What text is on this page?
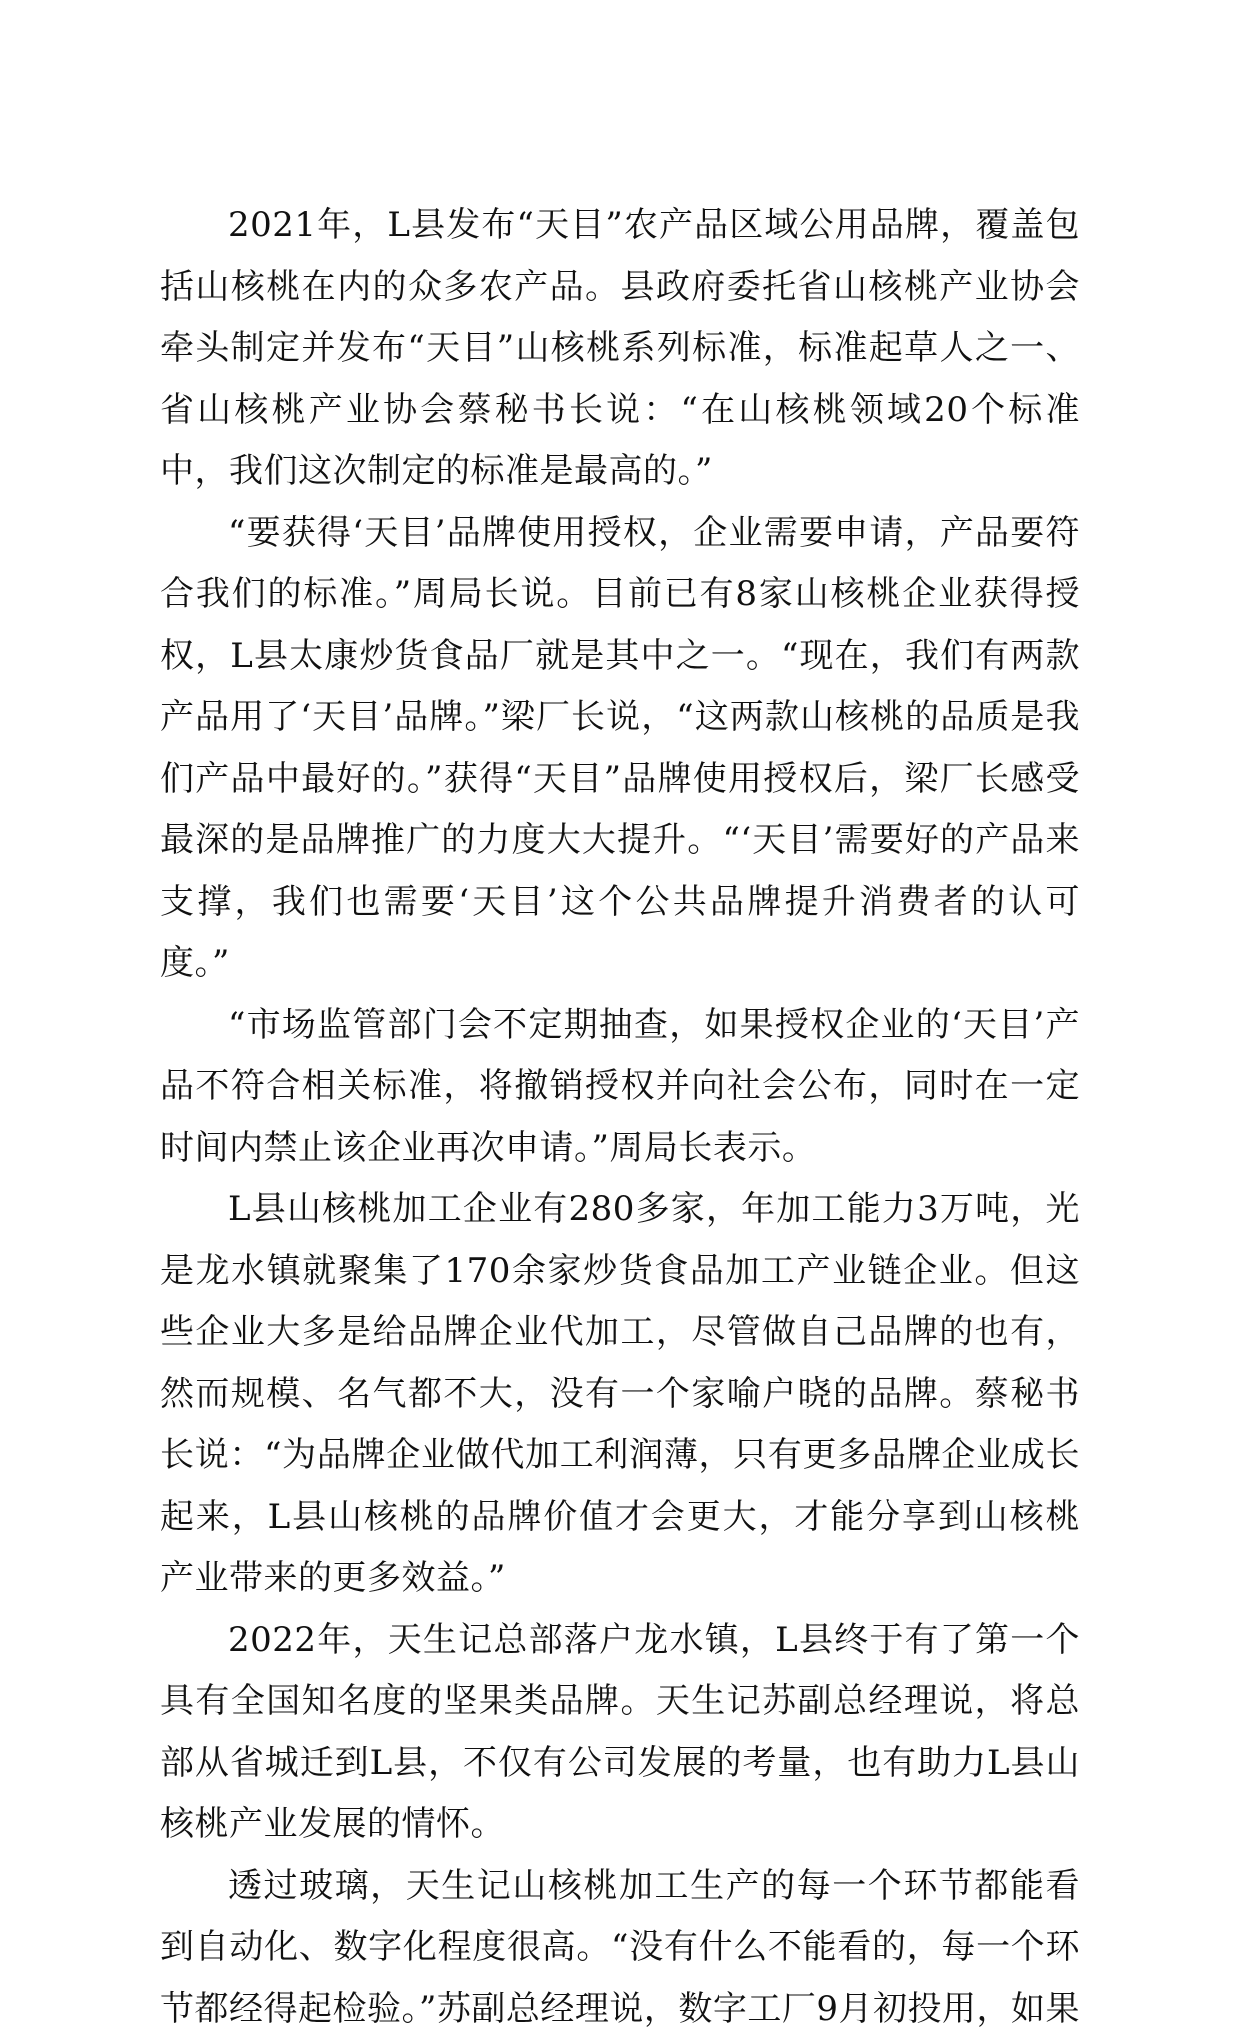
2021年，L县发布“天目”农产品区域公用品牌，覆盖包括山核桃在内的众多农产品。县政府委托省山核桃产业协会牵头制定并发布“天目”山核桃系列标准，标准起草人之一、省山核桃产业协会蔡秘书长说：“在山核桃领域20个标准中，我们这次制定的标准是最高的。”

“要获得‘天目’品牌使用授权，企业需要申请，产品要符合我们的标准。”周局长说。目前已有8家山核桃企业获得授权，L县太康炒货食品厂就是其中之一。“现在，我们有两款产品用了‘天目’品牌。”梁厂长说，“这两款山核桃的品质是我们产品中最好的。”获得“天目”品牌使用授权后，梁厂长感受最深的是品牌推广的力度大大提升。“‘天目’需要好的产品来支撑，我们也需要‘天目’这个公共品牌提升消费者的认可度。”

“市场监管部门会不定期抽查，如果授权企业的‘天目’产品不符合相关标准，将撤销授权并向社会公布，同时在一定时间内禁止该企业再次申请。”周局长表示。

L县山核桃加工企业有280多家，年加工能力3万吨，光是龙水镇就聚集了170余家炒货食品加工产业链企业。但这些企业大多是给品牌企业代加工，尽管做自己品牌的也有，然而规模、名气都不大，没有一个家喻户晓的品牌。蔡秘书长说：“为品牌企业做代加工利润薄，只有更多品牌企业成长起来，L县山核桃的品牌价值才会更大，才能分享到山核桃产业带来的更多效益。”

2022年，天生记总部落户龙水镇，L县终于有了第一个具有全国知名度的坚果类品牌。天生记苏副总经理说，将总部从省城迁到L县，不仅有公司发展的考量，也有助力L县山核桃产业发展的情怀。

透过玻璃，天生记山核桃加工生产的每一个环节都能看到自动化、数字化程度很高。“没有什么不能看的，每一个环节都经得起检验。”苏副总经理说，数字工厂9月初投用，如果
